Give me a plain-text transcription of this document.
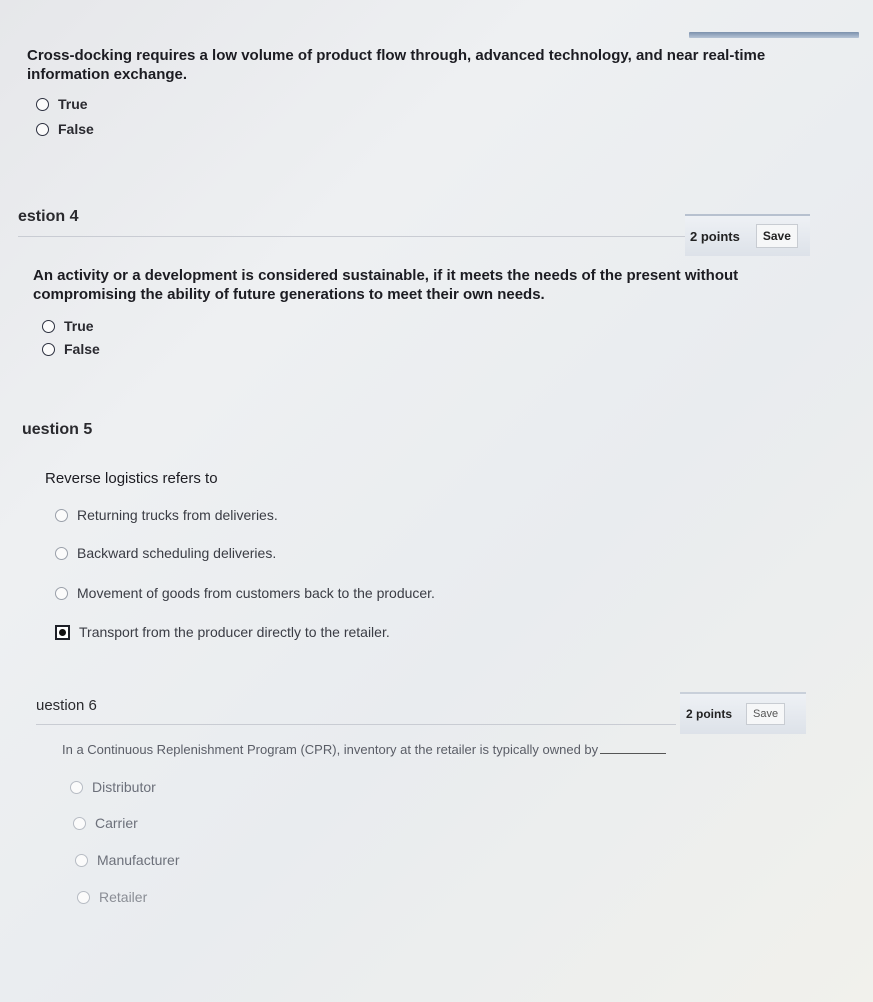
Cross-docking requires a low volume of product flow through, advanced technology, and near real-time information exchange.
True
False
estion 4
2 points	Save
An activity or a development is considered sustainable, if it meets the needs of the present without compromising the ability of future generations to meet their own needs.
True
False
uestion 5
Reverse logistics refers to
Returning trucks from deliveries.
Backward scheduling deliveries.
Movement of goods from customers back to the producer.
Transport from the producer directly to the retailer.
uestion 6	2 points	Save
In a Continuous Replenishment Program (CPR), inventory at the retailer is typically owned by
Distributor
Carrier
Manufacturer
Retailer
